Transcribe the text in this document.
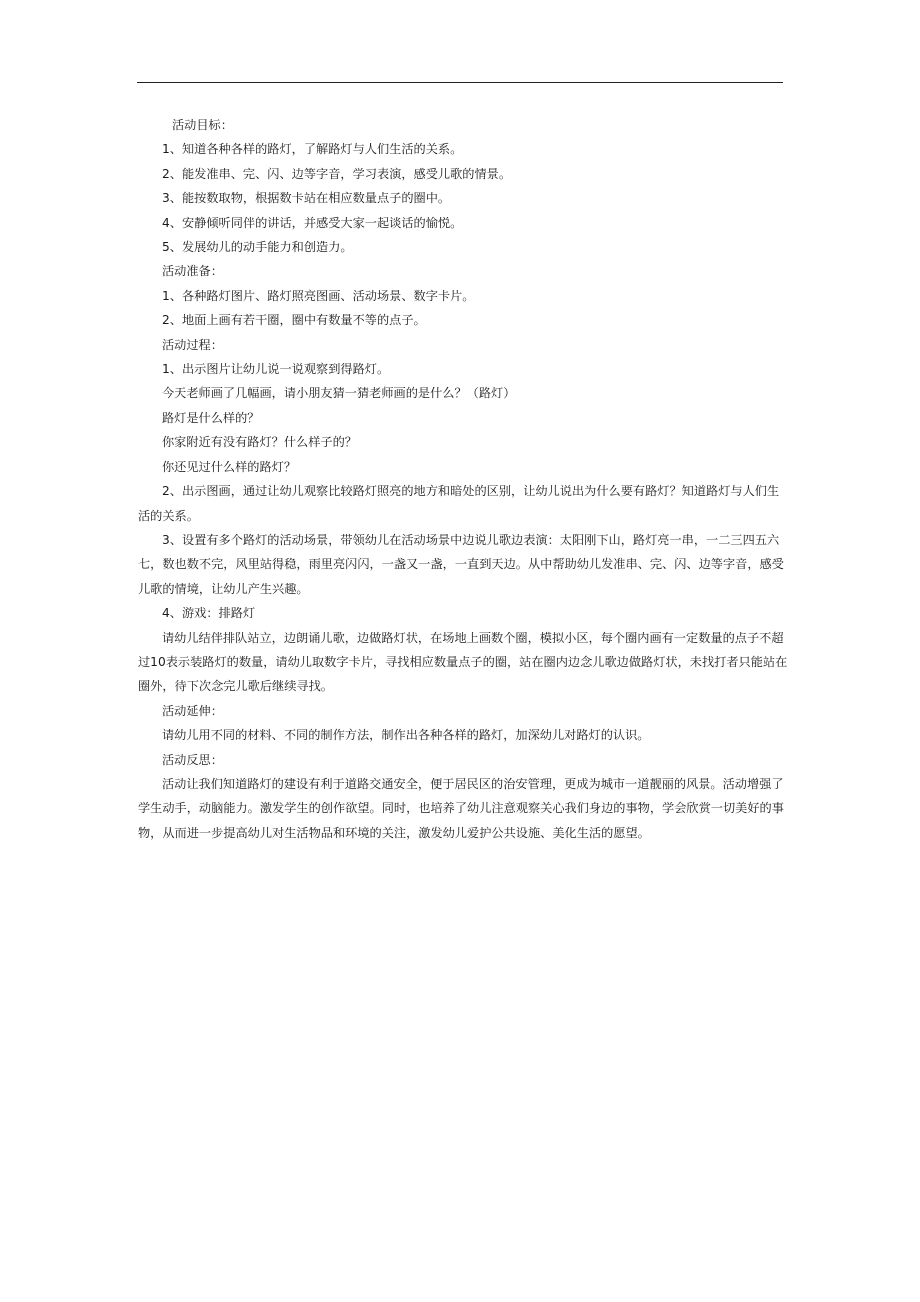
活动目标：

1、知道各种各样的路灯，了解路灯与人们生活的关系。

2、能发准串、完、闪、边等字音，学习表演，感受儿歌的情景。

3、能按数取物，根据数卡站在相应数量点子的圈中。

4、安静倾听同伴的讲话，并感受大家一起谈话的愉悦。

5、发展幼儿的动手能力和创造力。

活动准备：

1、各种路灯图片、路灯照亮图画、活动场景、数字卡片。

2、地面上画有若干圈，圈中有数量不等的点子。

活动过程：

1、出示图片让幼儿说一说观察到得路灯。

今天老师画了几幅画，请小朋友猜一猜老师画的是什么？（路灯）

路灯是什么样的？

你家附近有没有路灯？什么样子的？

你还见过什么样的路灯？

2、出示图画，通过让幼儿观察比较路灯照亮的地方和暗处的区别，让幼儿说出为什么要有路灯？知道路灯与人们生活的关系。

3、设置有多个路灯的活动场景，带领幼儿在活动场景中边说儿歌边表演：太阳刚下山，路灯亮一串，一二三四五六七，数也数不完，风里站得稳，雨里亮闪闪，一盏又一盏，一直到天边。从中帮助幼儿发准串、完、闪、边等字音，感受儿歌的情境，让幼儿产生兴趣。

4、游戏：排路灯

请幼儿结伴排队站立，边朗诵儿歌，边做路灯状，在场地上画数个圈，模拟小区，每个圈内画有一定数量的点子不超过10表示装路灯的数量，请幼儿取数字卡片，寻找相应数量点子的圈，站在圈内边念儿歌边做路灯状，未找打者只能站在圈外，待下次念完儿歌后继续寻找。

活动延伸：

请幼儿用不同的材料、不同的制作方法，制作出各种各样的路灯，加深幼儿对路灯的认识。

活动反思：

活动让我们知道路灯的建设有利于道路交通安全，便于居民区的治安管理，更成为城市一道靓丽的风景。活动增强了学生动手，动脑能力。激发学生的创作欲望。同时，也培养了幼儿注意观察关心我们身边的事物，学会欣赏一切美好的事物，从而进一步提高幼儿对生活物品和环境的关注，激发幼儿爱护公共设施、美化生活的愿望。
